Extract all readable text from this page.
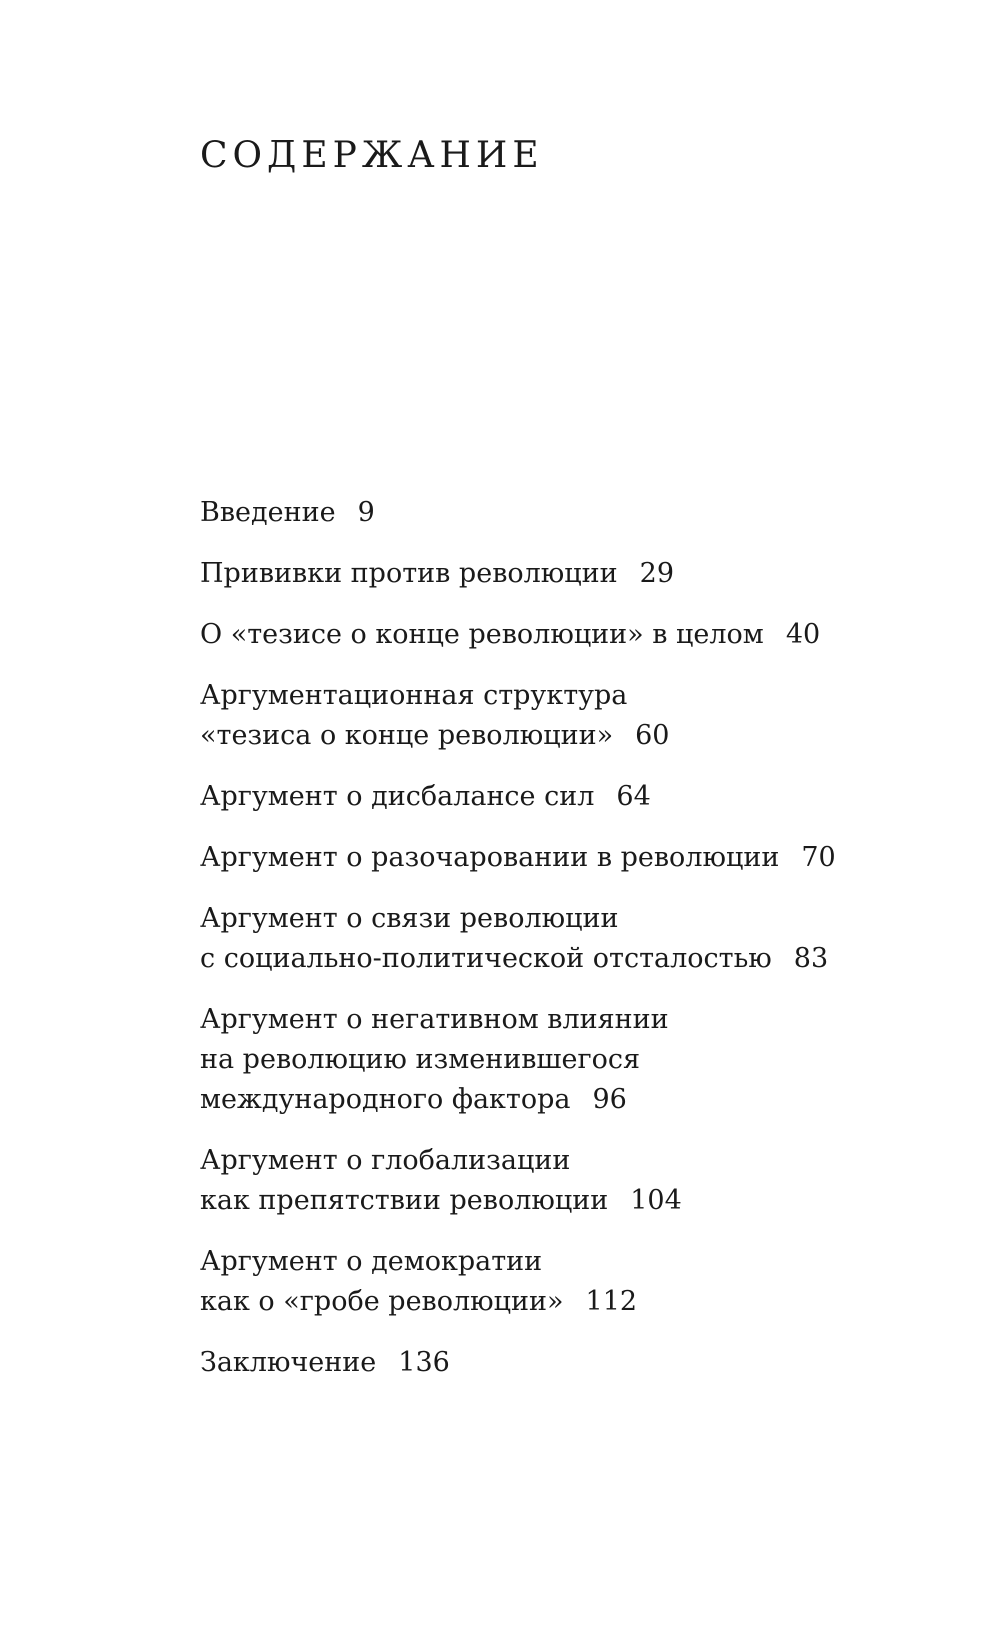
СОДЕРЖАНИЕ
Введение 9
Прививки против революции 29
О «тезисе о конце революции» в целом 40
Аргументационная структура
«тезиса о конце революции» 60
Аргумент о дисбалансе сил 64
Аргумент о разочаровании в революции 70
Аргумент о связи революции
с социально-политической отсталостью 83
Аргумент о негативном влиянии
на революцию изменившегося
международного фактора 96
Аргумент о глобализации
как препятствии революции 104
Аргумент о демократии
как о «гробе революции» 112
Заключение 136
